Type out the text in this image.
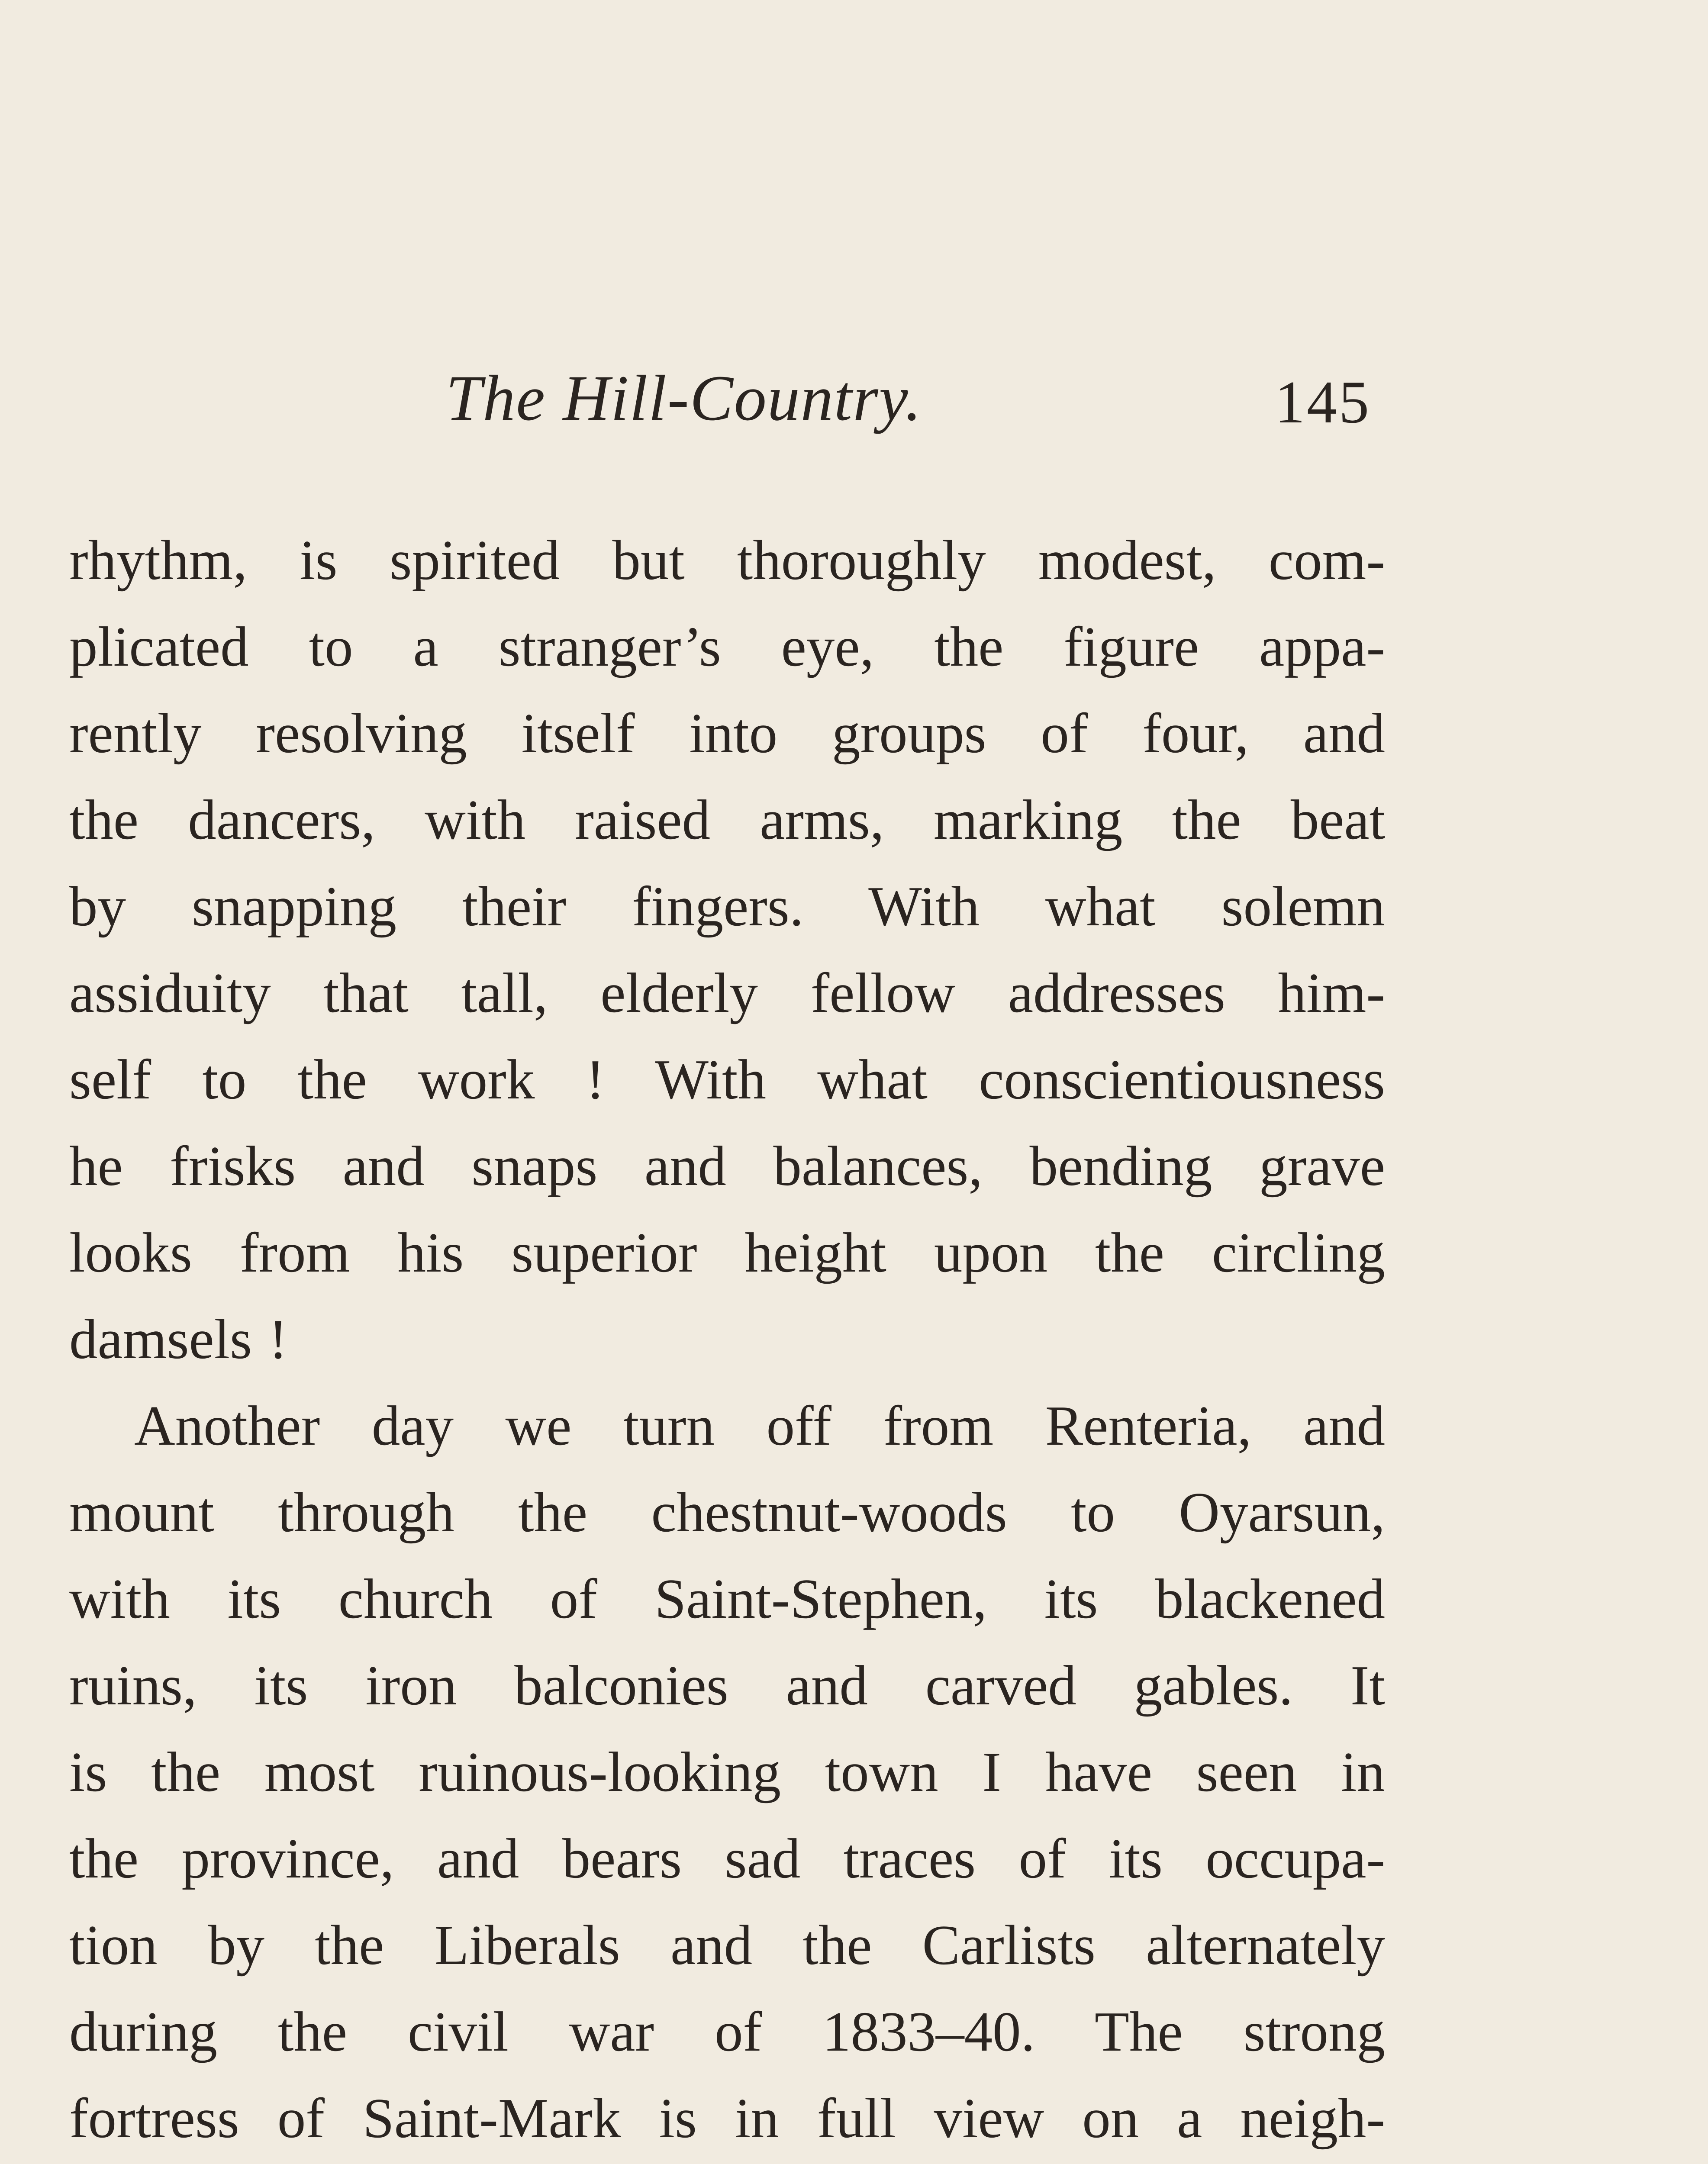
The Hill-Country.	145
rhythm, is spirited but thoroughly modest, com-
plicated to a stranger’s eye, the figure appa-
rently resolving itself into groups of four, and
the dancers, with raised arms, marking the beat
by snapping their fingers. With what solemn
assiduity that tall, elderly fellow addresses him-
self to the work ! With what conscientiousness
he frisks and snaps and balances, bending grave
looks from his superior height upon the circling
damsels !
Another day we turn off from Renteria, and
mount through the chestnut-woods to Oyarsun,
with its church of Saint-Stephen, its blackened
ruins, its iron balconies and carved gables. It
is the most ruinous-looking town I have seen in
the province, and bears sad traces of its occupa-
tion by the Liberals and the Carlists alternately
during the civil war of 1833–40. The strong
fortress of Saint-Mark is in full view on a neigh-
